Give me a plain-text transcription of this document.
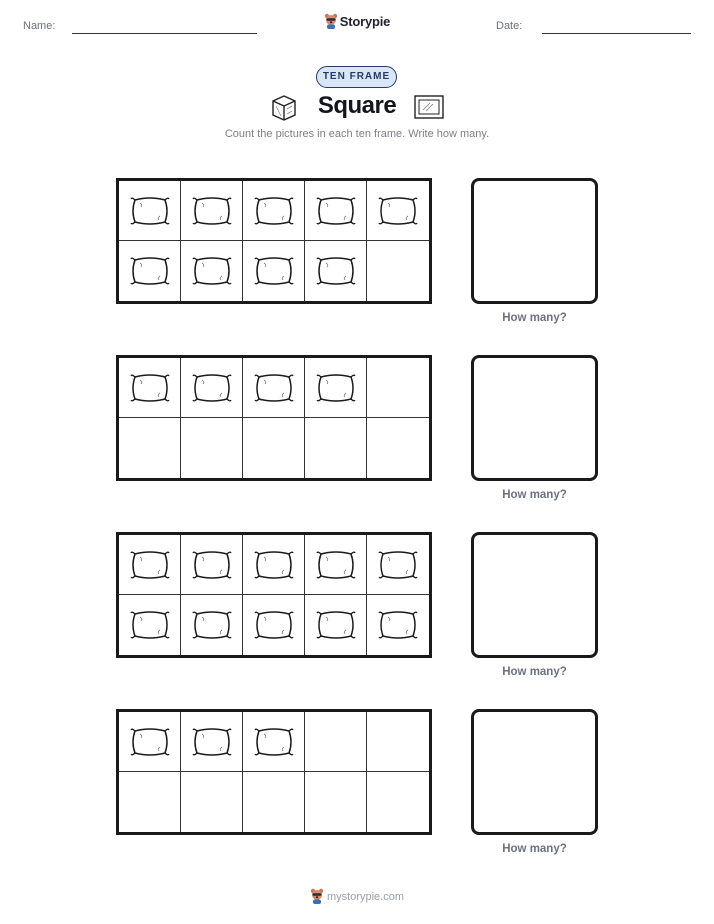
Name:	Storypie	Date:
TEN FRAME
Square
Count the pictures in each ten frame. Write how many.
How many?
How many?
How many?
How many?
mystorypie.com
